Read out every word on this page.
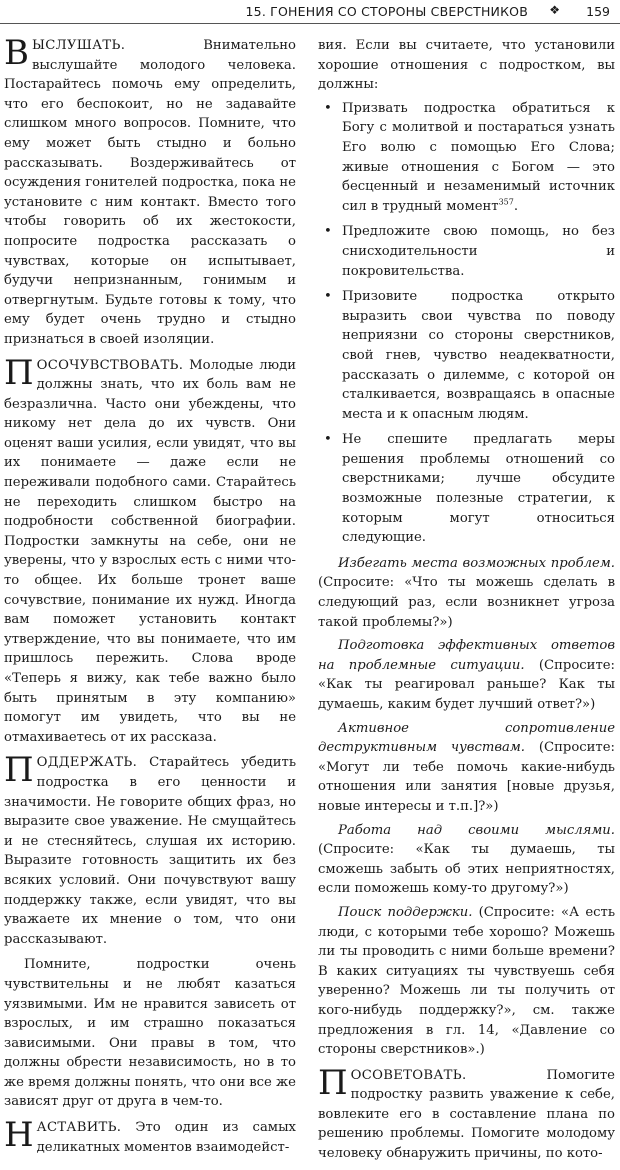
15. ГОНЕНИЯ СО СТОРОНЫ СВЕРСТНИКОВ ❖ 159

ВЫСЛУШАТЬ. Внимательно выслушайте молодого человека. Постарайтесь помочь ему определить, что его беспокоит, но не задавайте слишком много вопросов. Помните, что ему может быть стыдно и больно рассказывать. Воздерживайтесь от осуждения гонителей подростка, пока не установите с ним контакт. Вместо того чтобы говорить об их жестокости, попросите подростка рассказать о чувствах, которые он испытывает, будучи непризнанным, гонимым и отвергнутым. Будьте готовы к тому, что ему будет очень трудно и стыдно признаться в своей изоляции.

ПОСОЧУВСТВОВАТЬ. Молодые люди должны знать, что их боль вам не безразлична. Часто они убеждены, что никому нет дела до их чувств. Они оценят ваши усилия, если увидят, что вы их понимаете — даже если не переживали подобного сами. Старайтесь не переходить слишком быстро на подробности собственной биографии. Подростки замкнуты на себе, они не уверены, что у взрослых есть с ними что-то общее. Их больше тронет ваше сочувствие, понимание их нужд. Иногда вам поможет установить контакт утверждение, что вы понимаете, что им пришлось пережить. Слова вроде «Теперь я вижу, как тебе важно было быть принятым в эту компанию» помогут им увидеть, что вы не отмахиваетесь от их рассказа.

ПОДДЕРЖАТЬ. Старайтесь убедить подростка в его ценности и значимости. Не говорите общих фраз, но выразите свое уважение. Не смущайтесь и не стесняйтесь, слушая их историю. Выразите готовность защитить их без всяких условий. Они почувствуют вашу поддержку также, если увидят, что вы уважаете их мнение о том, что они рассказывают.

Помните, подростки очень чувствительны и не любят казаться уязвимыми. Им не нравится зависеть от взрослых, и им страшно показаться зависимыми. Они правы в том, что должны обрести независимость, но в то же время должны понять, что они все же зависят друг от друга в чем-то.

НАСТАВИТЬ. Это один из самых деликатных моментов взаимодейст-

вия. Если вы считаете, что установили хорошие отношения с подростком, вы должны:

• Призвать подростка обратиться к Богу с молитвой и постараться узнать Его волю с помощью Его Слова; живые отношения с Богом — это бесценный и незаменимый источник сил в трудный момент$^{357}$.
• Предложите свою помощь, но без снисходительности и покровительства.
• Призовите подростка открыто выразить свои чувства по поводу неприязни со стороны сверстников, свой гнев, чувство неадекватности, рассказать о дилемме, с которой он сталкивается, возвращаясь в опасные места и к опасным людям.
• Не спешите предлагать меры решения проблемы отношений со сверстниками; лучше обсудите возможные полезные стратегии, к которым могут относиться следующие.

Избегать места возможных проблем. (Спросите: «Что ты можешь сделать в следующий раз, если возникнет угроза такой проблемы?»)

Подготовка эффективных ответов на проблемные ситуации. (Спросите: «Как ты реагировал раньше? Как ты думаешь, каким будет лучший ответ?»)

Активное сопротивление деструктивным чувствам. (Спросите: «Могут ли тебе помочь какие-нибудь отношения или занятия [новые друзья, новые интересы и т.п.]?»)

Работа над своими мыслями. (Спросите: «Как ты думаешь, ты сможешь забыть об этих неприятностях, если поможешь кому-то другому?»)

Поиск поддержки. (Спросите: «А есть люди, с которыми тебе хорошо? Можешь ли ты проводить с ними больше времени? В каких ситуациях ты чувствуешь себя уверенно? Можешь ли ты получить от кого-нибудь поддержку?», см. также предложения в гл. 14, «Давление со стороны сверстников».)

ПОСОВЕТОВАТЬ. Помогите подростку развить уважение к себе, вовлеките его в составление плана по решению проблемы. Помогите молодому человеку обнаружить причины, по кото-
